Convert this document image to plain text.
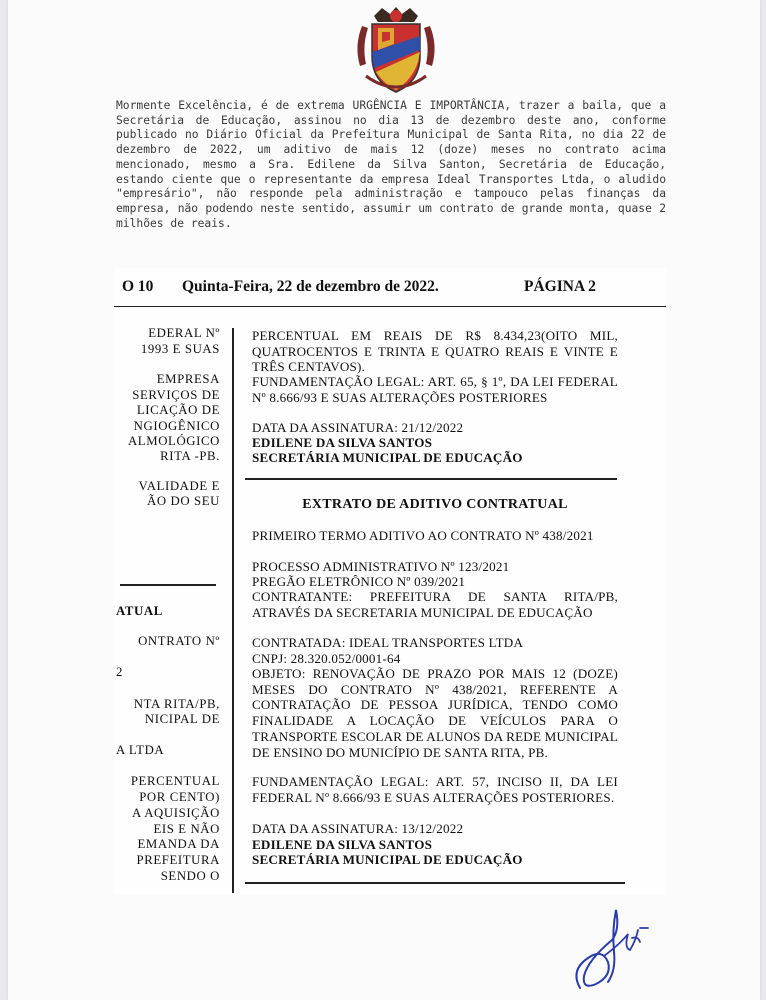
Mormente Excelência, é de extrema URGÊNCIA E IMPORTÂNCIA, trazer a baila, que a Secretária de Educação, assinou no dia 13 de dezembro deste ano, conforme publicado no Diário Oficial da Prefeitura Municipal de Santa Rita, no dia 22 de dezembro de 2022, um aditivo de mais 12 (doze) meses no contrato acima mencionado, mesmo a Sra. Edilene da Silva Santon, Secretária de Educação, estando ciente que o representante da empresa Ideal Transportes Ltda, o aludido "empresário", não responde pela administração e tampouco pelas finanças da empresa, não podendo neste sentido, assumir um contrato de grande monta, quase 2 milhões de reais.

O 10 Quinta-Feira, 22 de dezembro de 2022.	PÁGINA 2
EDERAL Nº
1993 E SUAS
EMPRESA
SERVIÇOS DE
LICAÇÃO DE
NGIOGÊNICO
ALMOLÓGICO
RITA -PB.
VALIDADE E
ÃO DO SEU
ATUAL
ONTRATO Nº
2
NTA RITA/PB,
NICIPAL DE
A LTDA
PERCENTUAL
POR CENTO)
A AQUISIÇÃO
EIS E NÃO
EMANDA DA
PREFEITURA
SENDO O

PERCENTUAL EM REAIS DE R$ 8.434,23(OITO MIL, QUATROCENTOS E TRINTA E QUATRO REAIS E VINTE E TRÊS CENTAVOS).

FUNDAMENTAÇÃO LEGAL: ART. 65, § 1º, DA LEI FEDERAL Nº 8.666/93 E SUAS ALTERAÇÕES POSTERIORES

DATA DA ASSINATURA: 21/12/2022

EDILENE DA SILVA SANTOS

SECRETÁRIA MUNICIPAL DE EDUCAÇÃO

EXTRATO DE ADITIVO CONTRATUAL

PRIMEIRO TERMO ADITIVO AO CONTRATO Nº 438/2021

PROCESSO ADMINISTRATIVO Nº 123/2021

PREGÃO ELETRÔNICO Nº 039/2021

CONTRATANTE: PREFEITURA DE SANTA RITA/PB, ATRAVÉS DA SECRETARIA MUNICIPAL DE EDUCAÇÃO

CONTRATADA: IDEAL TRANSPORTES LTDA

CNPJ: 28.320.052/0001-64

OBJETO: RENOVAÇÃO DE PRAZO POR MAIS 12 (DOZE) MESES DO CONTRATO Nº 438/2021, REFERENTE A CONTRATAÇÃO DE PESSOA JURÍDICA, TENDO COMO FINALIDADE A LOCAÇÃO DE VEÍCULOS PARA O TRANSPORTE ESCOLAR DE ALUNOS DA REDE MUNICIPAL DE ENSINO DO MUNICÍPIO DE SANTA RITA, PB.

FUNDAMENTAÇÃO LEGAL: ART. 57, INCISO II, DA LEI FEDERAL Nº 8.666/93 E SUAS ALTERAÇÕES POSTERIORES.

DATA DA ASSINATURA: 13/12/2022

EDILENE DA SILVA SANTOS

SECRETÁRIA MUNICIPAL DE EDUCAÇÃO
